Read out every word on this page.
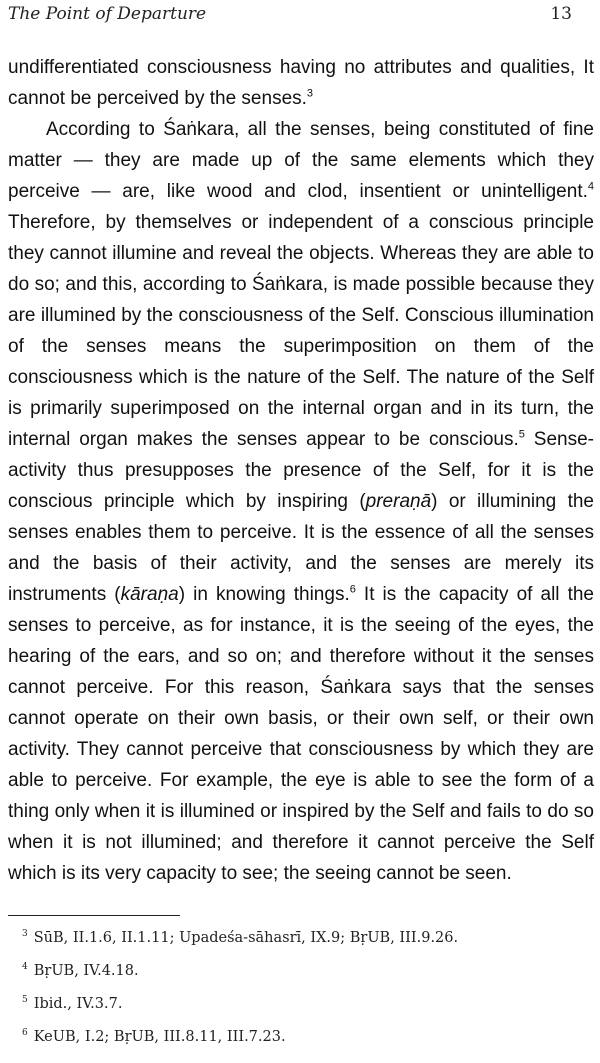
The Point of Departure	13

undifferentiated consciousness having no attributes and qualities, It cannot be perceived by the senses.$^3$

According to Śaṅkara, all the senses, being constituted of fine matter — they are made up of the same elements which they perceive — are, like wood and clod, insentient or unintelligent.$^4$ Therefore, by themselves or independent of a conscious principle they cannot illumine and reveal the objects. Whereas they are able to do so; and this, according to Śaṅkara, is made possible because they are illumined by the consciousness of the Self. Conscious illumination of the senses means the superimposition on them of the consciousness which is the nature of the Self. The nature of the Self is primarily superimposed on the internal organ and in its turn, the internal organ makes the senses appear to be conscious.$^5$ Sense-activity thus presupposes the presence of the Self, for it is the conscious principle which by inspiring (preraṇā) or illumining the senses enables them to perceive. It is the essence of all the senses and the basis of their activity, and the senses are merely its instruments (kāraṇa) in knowing things.$^6$ It is the capacity of all the senses to perceive, as for instance, it is the seeing of the eyes, the hearing of the ears, and so on; and therefore without it the senses cannot perceive. For this reason, Śaṅkara says that the senses cannot operate on their own basis, or their own self, or their own activity. They cannot perceive that consciousness by which they are able to perceive. For example, the eye is able to see the form of a thing only when it is illumined or inspired by the Self and fails to do so when it is not illumined; and therefore it cannot perceive the Self which is its very capacity to see; the seeing cannot be seen.

$^3$ SūB, II.1.6, II.1.11; Upadeśa-sāhasrī, IX.9; BṛUB, III.9.26.
$^4$ BṛUB, IV.4.18.
$^5$ Ibid., IV.3.7.
$^6$ KeUB, I.2; BṛUB, III.8.11, III.7.23.
